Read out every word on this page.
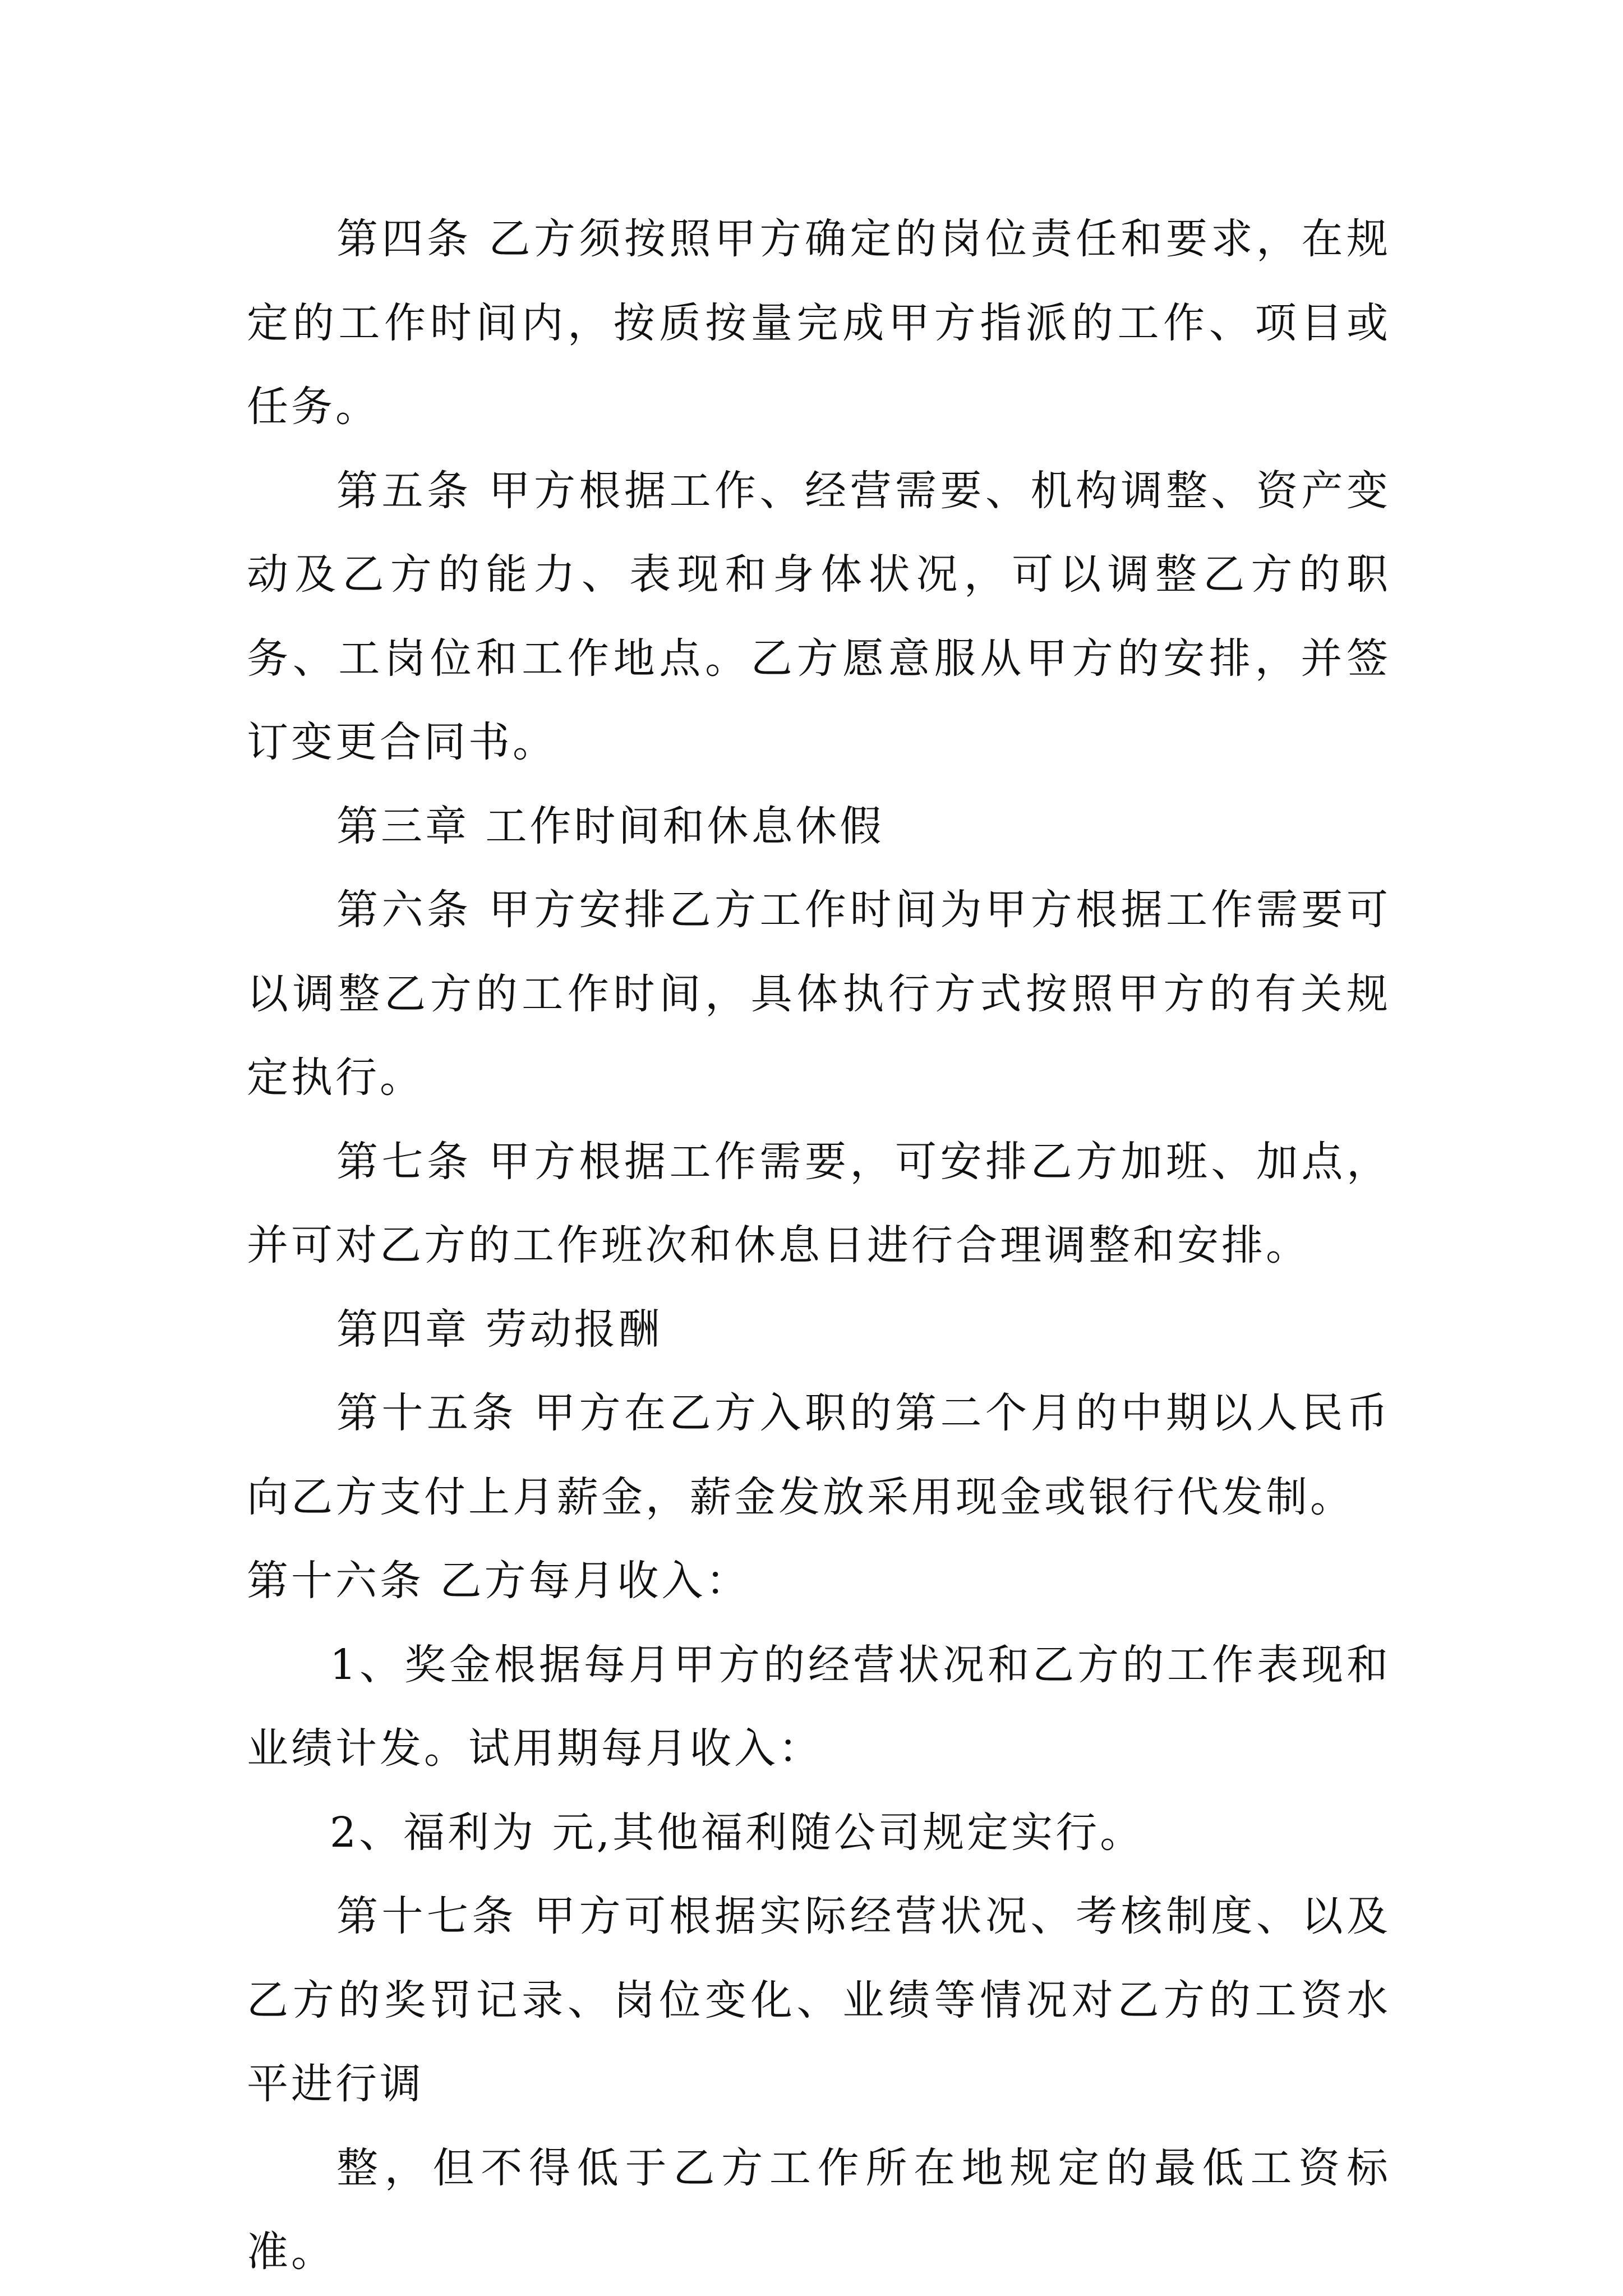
第四条 乙方须按照甲方确定的岗位责任和要求，在规定的工作时间内，按质按量完成甲方指派的工作、项目或任务。

第五条 甲方根据工作、经营需要、机构调整、资产变动及乙方的能力、表现和身体状况，可以调整乙方的职务、工岗位和工作地点。乙方愿意服从甲方的安排，并签订变更合同书。

第三章 工作时间和休息休假

第六条 甲方安排乙方工作时间为甲方根据工作需要可以调整乙方的工作时间，具体执行方式按照甲方的有关规定执行。

第七条 甲方根据工作需要，可安排乙方加班、加点，并可对乙方的工作班次和休息日进行合理调整和安排。

第四章 劳动报酬

第十五条 甲方在乙方入职的第二个月的中期以人民币向乙方支付上月薪金，薪金发放采用现金或银行代发制。

第十六条 乙方每月收入：

1、奖金根据每月甲方的经营状况和乙方的工作表现和业绩计发。试用期每月收入：

2、福利为 元,其他福利随公司规定实行。

第十七条 甲方可根据实际经营状况、考核制度、以及乙方的奖罚记录、岗位变化、业绩等情况对乙方的工资水平进行调

整，但不得低于乙方工作所在地规定的最低工资标准。
